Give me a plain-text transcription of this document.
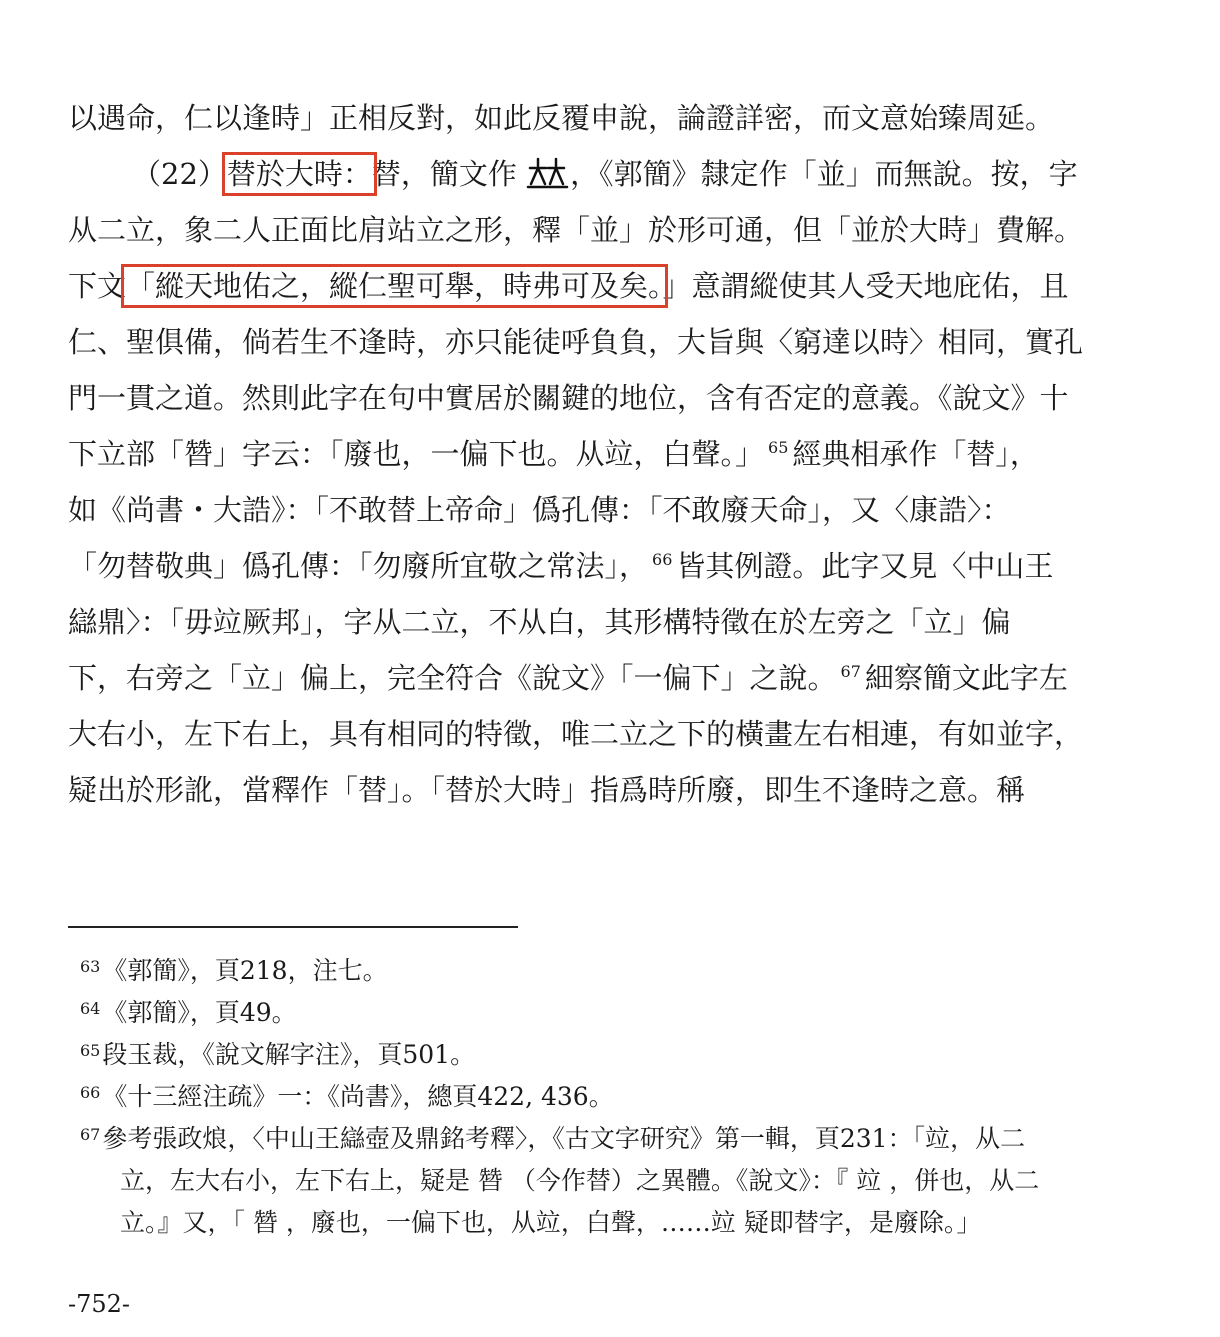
以遇命，仁以逢時」正相反對，如此反覆申說，論證詳密，而文意始臻周延。
（22）替於大時：替，簡文作 ，《郭簡》隸定作「並」而無說。按，字
从二立，象二人正面比肩站立之形，釋「並」於形可通，但「並於大時」費解。
下文「縱天地佑之，縱仁聖可舉，時弗可及矣。」意謂縱使其人受天地庇佑，且
仁、聖俱備，倘若生不逢時，亦只能徒呼負負，大旨與〈窮達以時〉相同，實孔
門一貫之道。然則此字在句中實居於關鍵的地位，含有否定的意義。《說文》十
下立部「㬱」字云：「廢也，一偏下也。从竝，白聲。」 $^{65}$ 經典相承作「替」，
如《尚書・大誥》：「不敢替上帝命」僞孔傳：「不敢廢天命」，又〈康誥〉：
「勿替敬典」僞孔傳：「勿廢所宜敬之常法」， $^{66}$ 皆其例證。此字又見〈中山王
䜌鼎〉：「毋竝厥邦」，字从二立，不从白，其形構特徵在於左旁之「立」偏
下，右旁之「立」偏上，完全符合《說文》「一偏下」之說。 $^{67}$ 細察簡文此字左
大右小，左下右上，具有相同的特徵，唯二立之下的橫畫左右相連，有如並字，
疑出於形訛，當釋作「替」。「替於大時」指爲時所廢，即生不逢時之意。稱
$^{63}$《郭簡》，頁218，注七。
$^{64}$《郭簡》，頁49。
$^{65}$段玉裁，《說文解字注》，頁501。
$^{66}$《十三經注疏》一：《尚書》，總頁422, 436。
$^{67}$參考張政烺，〈中山王䜌壺及鼎銘考釋〉，《古文字研究》第一輯，頁231：「竝，从二
立，左大右小，左下右上，疑是 㬱 （今作替）之異體。《說文》：『 竝 ，併也，从二
立。』又，「 㬱 ，廢也，一偏下也，从竝，白聲，……竝 疑即替字，是廢除。」
-752-
